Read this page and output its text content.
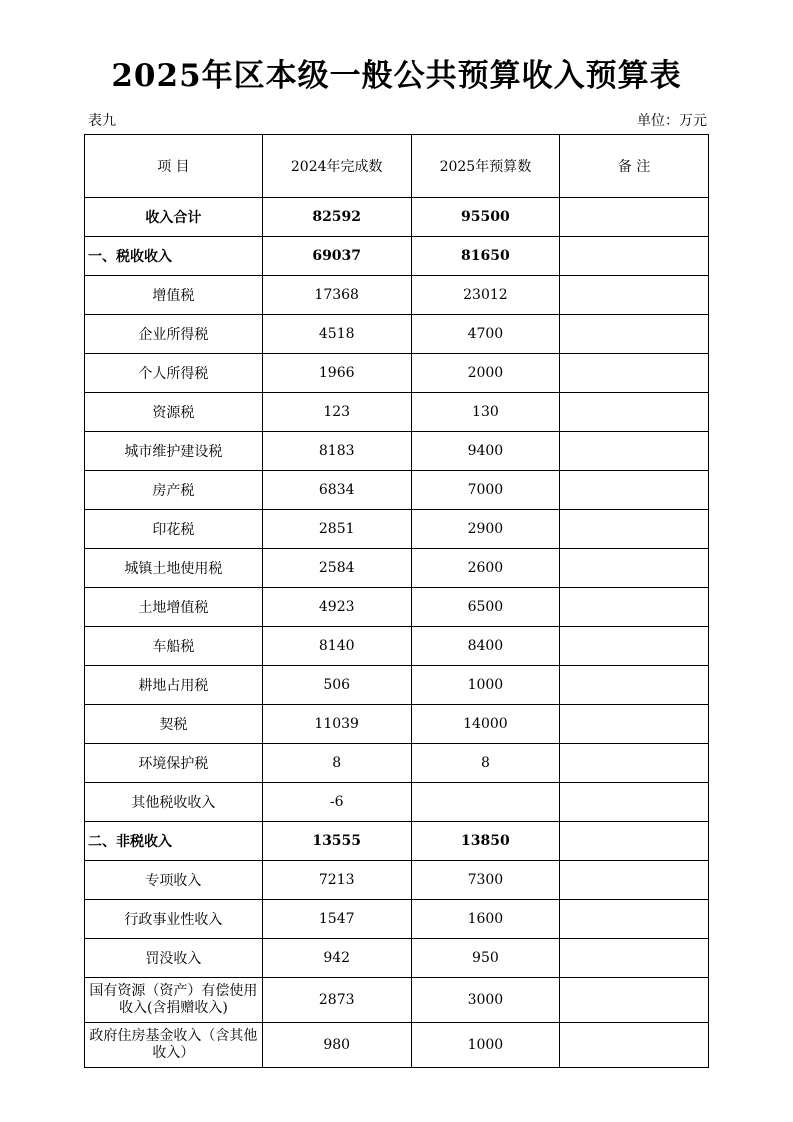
2025年区本级一般公共预算收入预算表
表九	单位：万元
项 目	2024年完成数	2025年预算数	备 注
收入合计	82592	95500	
一、税收收入	69037	81650	
增值税	17368	23012	
企业所得税	4518	4700	
个人所得税	1966	2000	
资源税	123	130	
城市维护建设税	8183	9400	
房产税	6834	7000	
印花税	2851	2900	
城镇土地使用税	2584	2600	
土地增值税	4923	6500	
车船税	8140	8400	
耕地占用税	506	1000	
契税	11039	14000	
环境保护税	8	8	
其他税收收入	-6		
二、非税收入	13555	13850	
专项收入	7213	7300	
行政事业性收入	1547	1600	
罚没收入	942	950	
国有资源（资产）有偿使用收入(含捐赠收入)	2873	3000	
政府住房基金收入（含其他收入）	980	1000	
